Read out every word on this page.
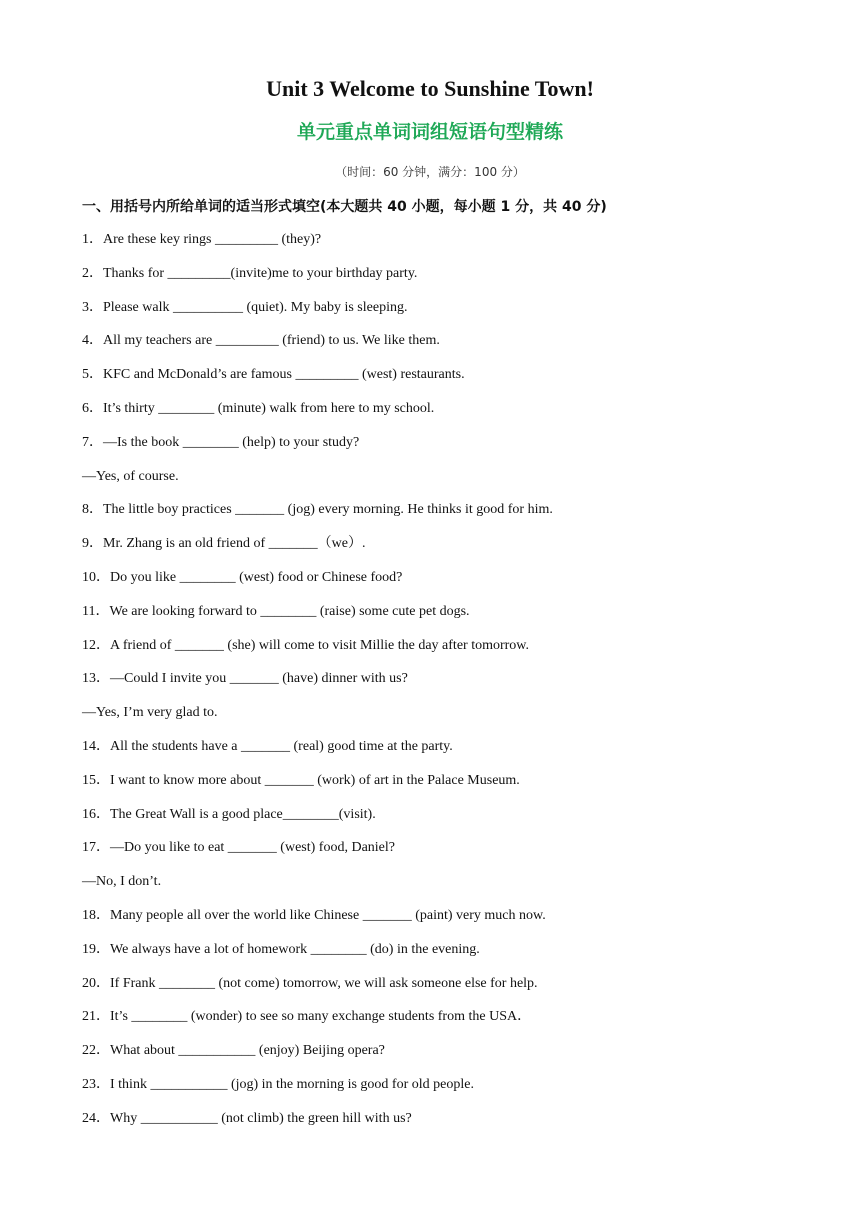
Unit 3 Welcome to Sunshine Town!
单元重点单词词组短语句型精练
（时间：60 分钟，满分：100 分）
一、用括号内所给单词的适当形式填空(本大题共 40 小题，每小题 1 分，共 40 分)
1．Are these key rings _________ (they)?
2．Thanks for _________(invite)me to your birthday party.
3．Please walk __________ (quiet). My baby is sleeping.
4．All my teachers are _________ (friend) to us. We like them.
5．KFC and McDonald’s are famous _________ (west) restaurants.
6．It’s thirty ________ (minute) walk from here to my school.
7．—Is the book ________ (help) to your study?
—Yes, of course.
8．The little boy practices _______ (jog) every morning. He thinks it good for him.
9．Mr. Zhang is an old friend of _______（we）.
10．Do you like ________ (west) food or Chinese food?
11．We are looking forward to ________ (raise) some cute pet dogs.
12．A friend of _______ (she) will come to visit Millie the day after tomorrow.
13．—Could I invite you _______ (have) dinner with us?
—Yes, I’m very glad to.
14．All the students have a _______ (real) good time at the party.
15．I want to know more about _______ (work) of art in the Palace Museum.
16．The Great Wall is a good place________(visit).
17．—Do you like to eat _______ (west) food, Daniel?
—No, I don’t.
18．Many people all over the world like Chinese _______ (paint) very much now.
19．We always have a lot of homework ________ (do) in the evening.
20．If Frank ________ (not come) tomorrow, we will ask someone else for help.
21．It’s ________ (wonder) to see so many exchange students from the USA．
22．What about ___________ (enjoy) Beijing opera?
23．I think ___________ (jog) in the morning is good for old people.
24．Why ___________ (not climb) the green hill with us?
